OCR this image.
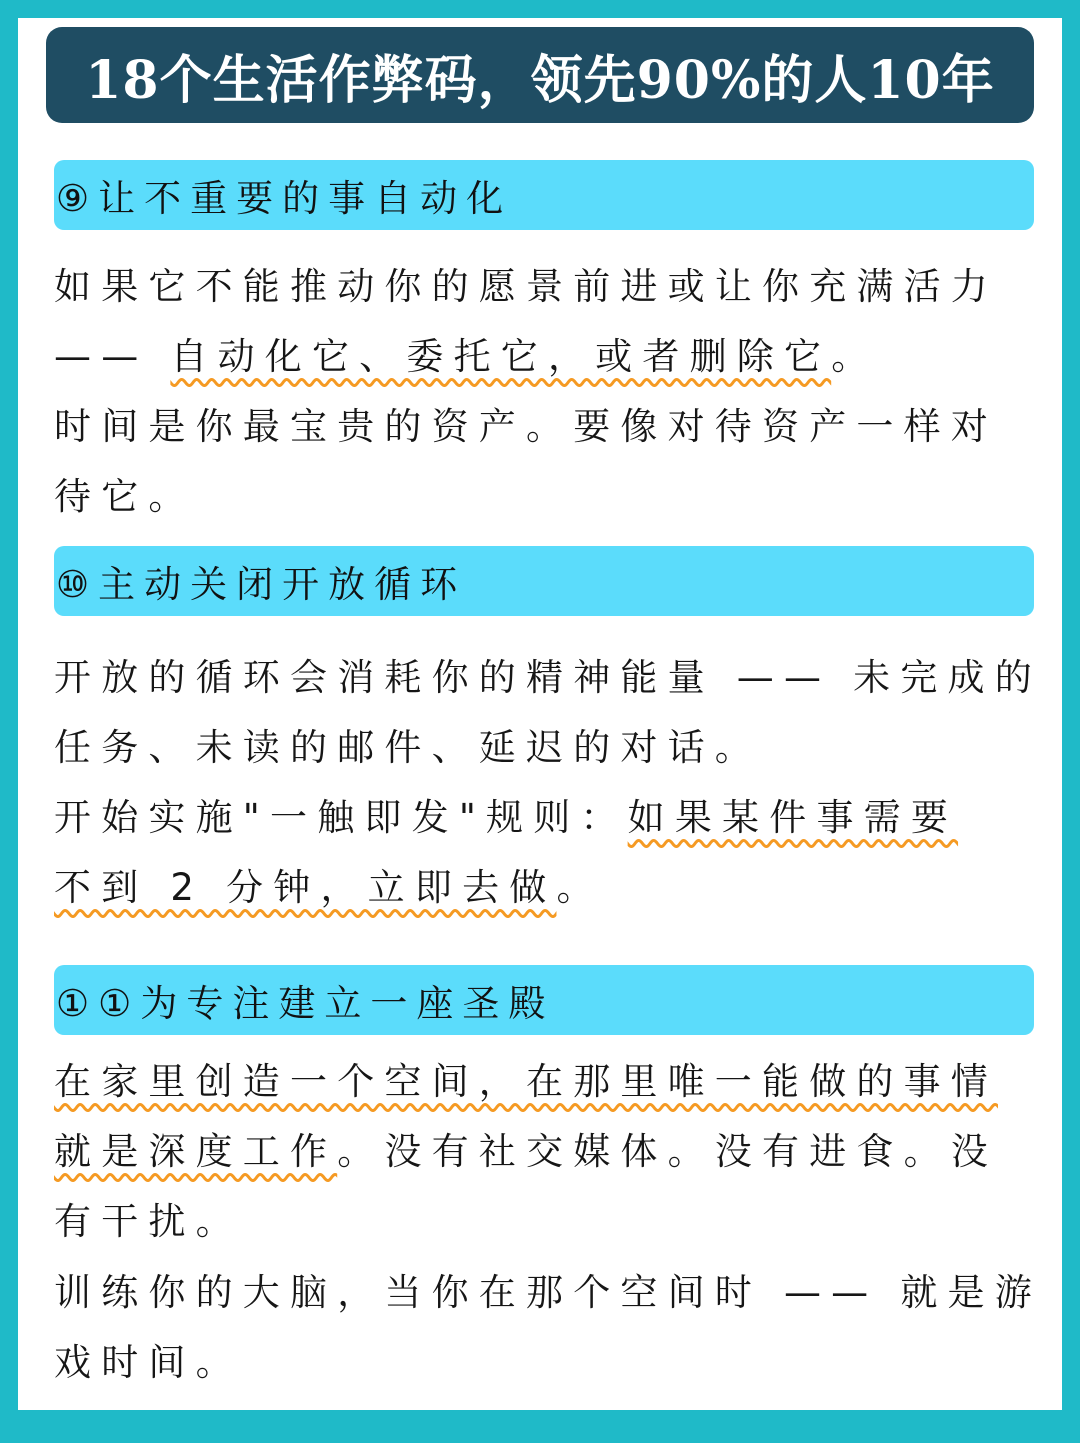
18个生活作弊码，领先90%的人10年
⑨让不重要的事自动化
如果它不能推动你的愿景前进或让你充满活力
—— 自动化它、委托它，或者删除它。
时间是你最宝贵的资产。要像对待资产一样对
待它。
⑩主动关闭开放循环
开放的循环会消耗你的精神能量 —— 未完成的
任务、未读的邮件、延迟的对话。
开始实施"一触即发"规则：如果某件事需要
不到 2 分钟，立即去做。
①①为专注建立一座圣殿
在家里创造一个空间，在那里唯一能做的事情
就是深度工作。没有社交媒体。没有进食。没
有干扰。
训练你的大脑，当你在那个空间时 —— 就是游
戏时间。
